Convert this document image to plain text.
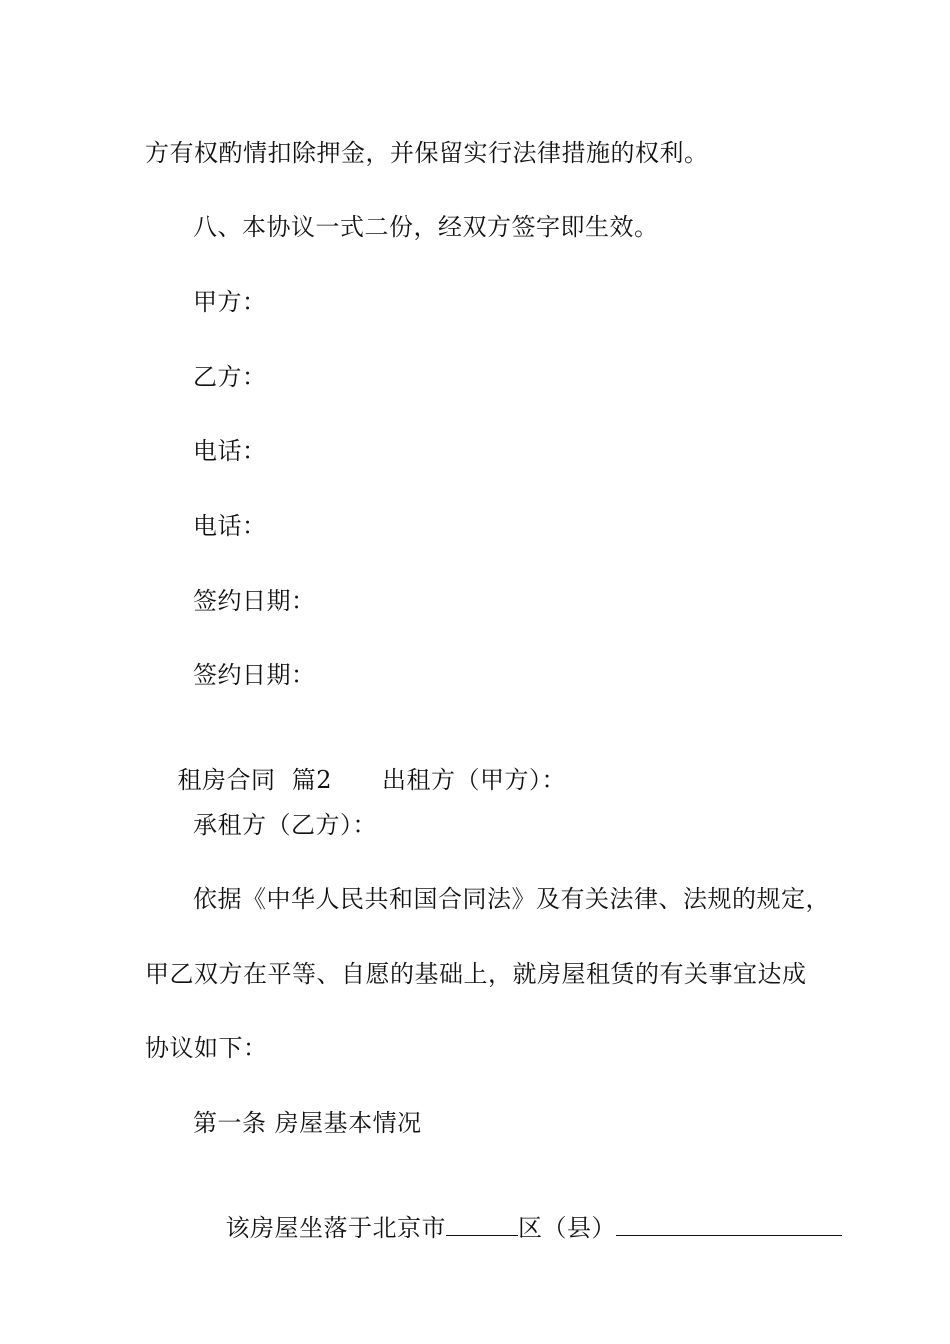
方有权酌情扣除押金，并保留实行法律措施的权利。
八、本协议一式二份，经双方签字即生效。
甲方：
乙方：
电话：
电话：
签约日期：
签约日期：

租房合同  篇2 出租方（甲方）：

承租方（乙方）：
依据《中华人民共和国合同法》及有关法律、法规的规定，
甲乙双方在平等、自愿的基础上，就房屋租赁的有关事宜达成
协议如下：
第一条 房屋基本情况

该房屋坐落于北京市	区（县）
